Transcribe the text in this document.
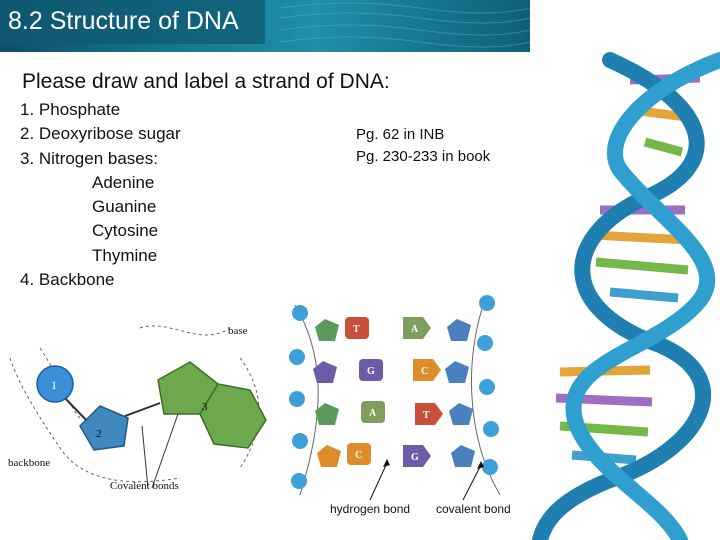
8.2 Structure of DNA
Please draw and label a strand of DNA:
1. Phosphate
2. Deoxyribose sugar
3. Nitrogen bases:
Adenine
Guanine
Cytosine
Thymine
4. Backbone
Pg. 62 in INB
Pg. 230-233 in book
base
1
2
3
backbone
Covalent bonds
T	A
G	C
A	T
C	G
hydrogen bond covalent bond
